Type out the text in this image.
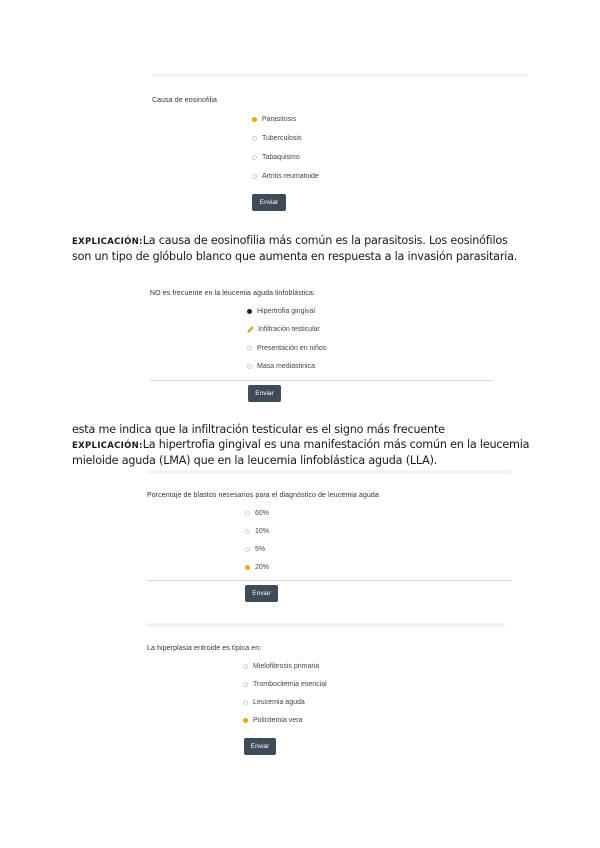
Causa de eosinofilia
Parasitosis
Tuberculosis
Tabaquismo
Artritis reumatoide
Enviar
EXPLICACIÓN:La causa de eosinofilia más común es la parasitosis. Los eosinófilos
son un tipo de glóbulo blanco que aumenta en respuesta a la invasión parasitaria.
NO es frecuente en la leucemia aguda linfoblástica:
Hipertrofia gingival
Infiltración testicular
Presentación en niños
Masa mediastinica
Enviar
esta me indica que la infiltración testicular es el signo más frecuente
EXPLICACIÓN:La hipertrofia gingival es una manifestación más común en la leucemia
mieloide aguda (LMA) que en la leucemia linfoblástica aguda (LLA).
Porcentaje de blastos necesarios para el diagnóstico de leucemia aguda
60%
10%
5%
20%
Enviar
La hiperplasia eritroide es típica en:
Mielofibrosis primaria
Trombocitemia esencial
Leucemia aguda
Policitemia vera
Enviar
